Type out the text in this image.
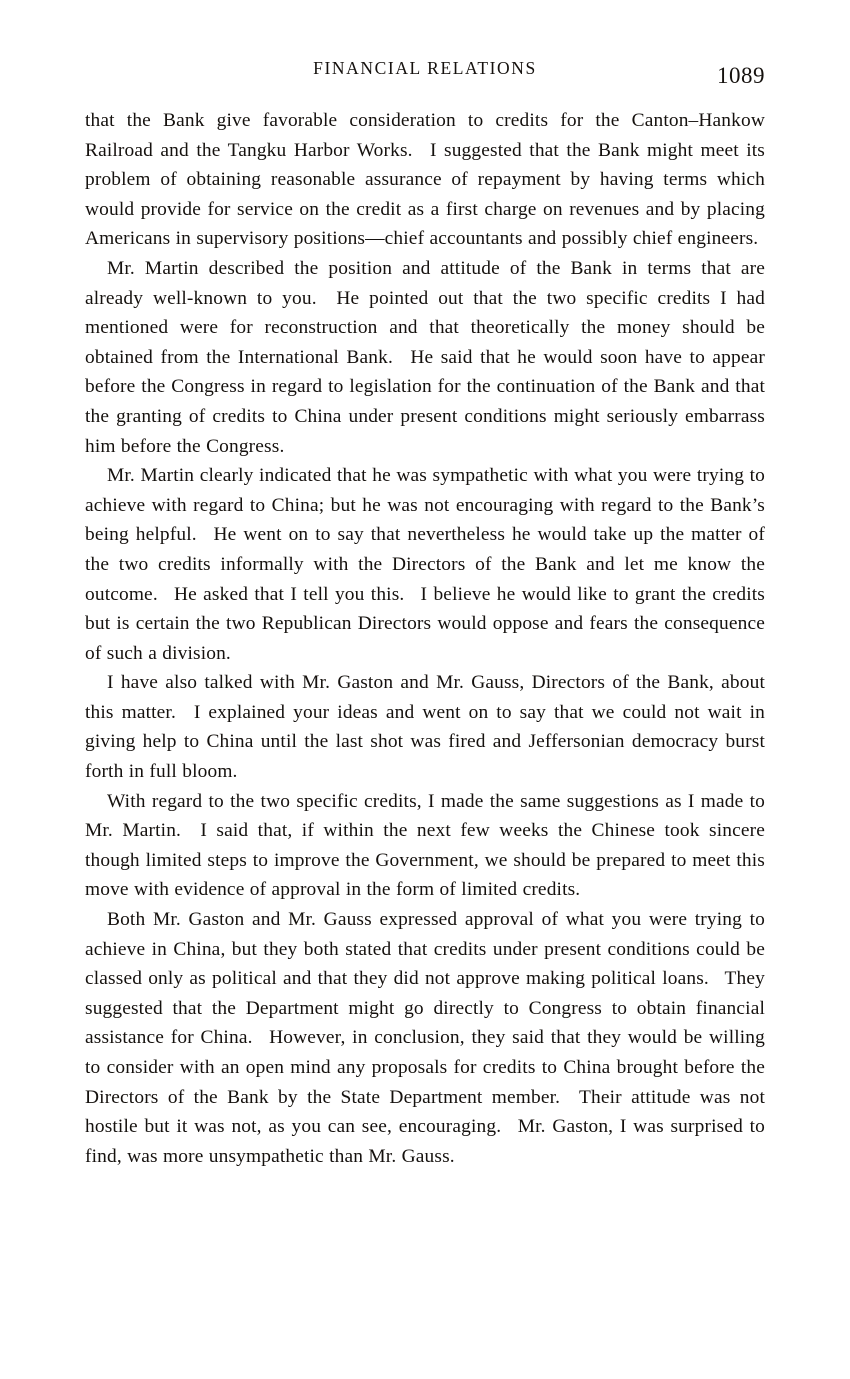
FINANCIAL RELATIONS	1089

that the Bank give favorable consideration to credits for the Canton–Hankow Railroad and the Tangku Harbor Works.  I suggested that the Bank might meet its problem of obtaining reasonable assurance of repayment by having terms which would provide for service on the credit as a first charge on revenues and by placing Americans in supervisory positions—chief accountants and possibly chief engineers.

Mr. Martin described the position and attitude of the Bank in terms that are already well-known to you.  He pointed out that the two specific credits I had mentioned were for reconstruction and that theoretically the money should be obtained from the International Bank.  He said that he would soon have to appear before the Congress in regard to legislation for the continuation of the Bank and that the granting of credits to China under present conditions might seriously embarrass him before the Congress.

Mr. Martin clearly indicated that he was sympathetic with what you were trying to achieve with regard to China; but he was not encouraging with regard to the Bank’s being helpful.  He went on to say that nevertheless he would take up the matter of the two credits informally with the Directors of the Bank and let me know the outcome.  He asked that I tell you this.  I believe he would like to grant the credits but is certain the two Republican Directors would oppose and fears the consequence of such a division.

I have also talked with Mr. Gaston and Mr. Gauss, Directors of the Bank, about this matter.  I explained your ideas and went on to say that we could not wait in giving help to China until the last shot was fired and Jeffersonian democracy burst forth in full bloom.

With regard to the two specific credits, I made the same suggestions as I made to Mr. Martin.  I said that, if within the next few weeks the Chinese took sincere though limited steps to improve the Government, we should be prepared to meet this move with evidence of approval in the form of limited credits.

Both Mr. Gaston and Mr. Gauss expressed approval of what you were trying to achieve in China, but they both stated that credits under present conditions could be classed only as political and that they did not approve making political loans.  They suggested that the Department might go directly to Congress to obtain financial assistance for China.  However, in conclusion, they said that they would be willing to consider with an open mind any proposals for credits to China brought before the Directors of the Bank by the State Department member.  Their attitude was not hostile but it was not, as you can see, encouraging.  Mr. Gaston, I was surprised to find, was more unsympathetic than Mr. Gauss.
